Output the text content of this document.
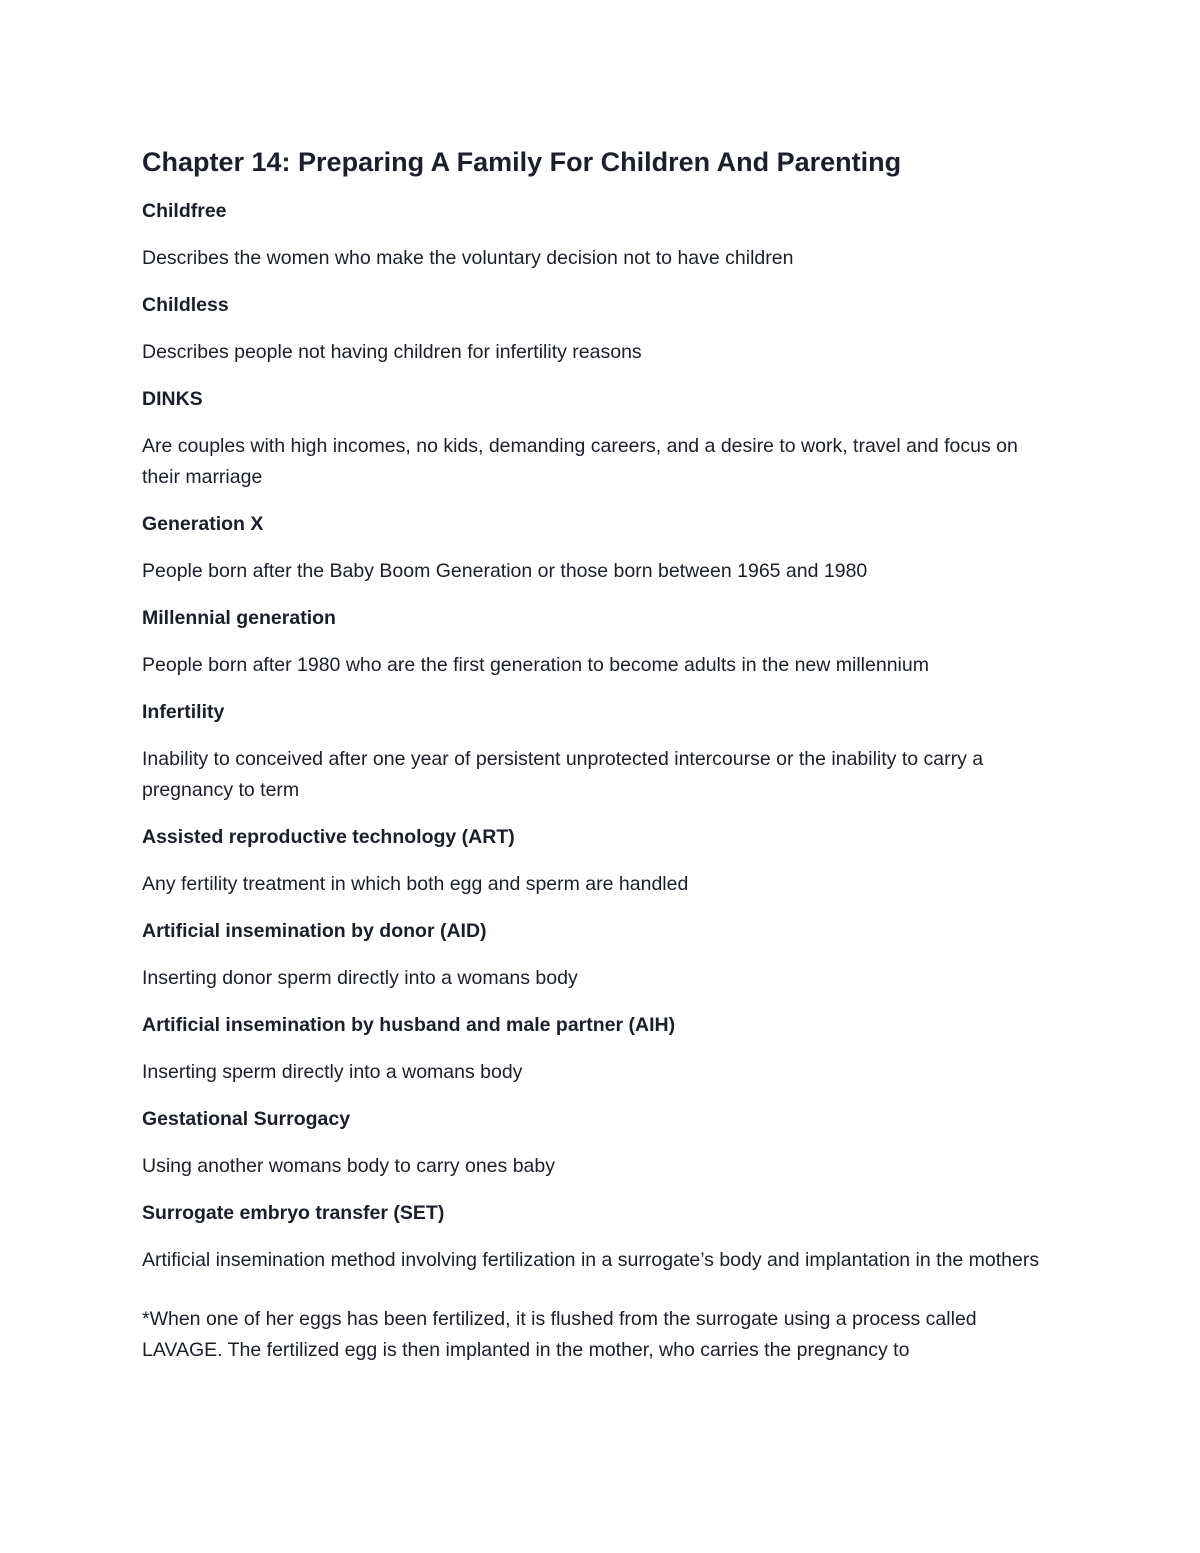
Chapter 14: Preparing A Family For Children And Parenting
Childfree
Describes the women who make the voluntary decision not to have children
Childless
Describes people not having children for infertility reasons
DINKS
Are couples with high incomes, no kids, demanding careers, and a desire to work, travel and focus on their marriage
Generation X
People born after the Baby Boom Generation or those born between 1965 and 1980
Millennial generation
People born after 1980 who are the first generation to become adults in the new millennium
Infertility
Inability to conceived after one year of persistent unprotected intercourse or the inability to carry a pregnancy to term
Assisted reproductive technology (ART)
Any fertility treatment in which both egg and sperm are handled
Artificial insemination by donor (AID)
Inserting donor sperm directly into a womans body
Artificial insemination by husband and male partner (AIH)
Inserting sperm directly into a womans body
Gestational Surrogacy
Using another womans body to carry ones baby
Surrogate embryo transfer (SET)
Artificial insemination method involving fertilization in a surrogate’s body and implantation in the mothers
*When one of her eggs has been fertilized, it is flushed from the surrogate using a process called LAVAGE. The fertilized egg is then implanted in the mother, who carries the pregnancy to
